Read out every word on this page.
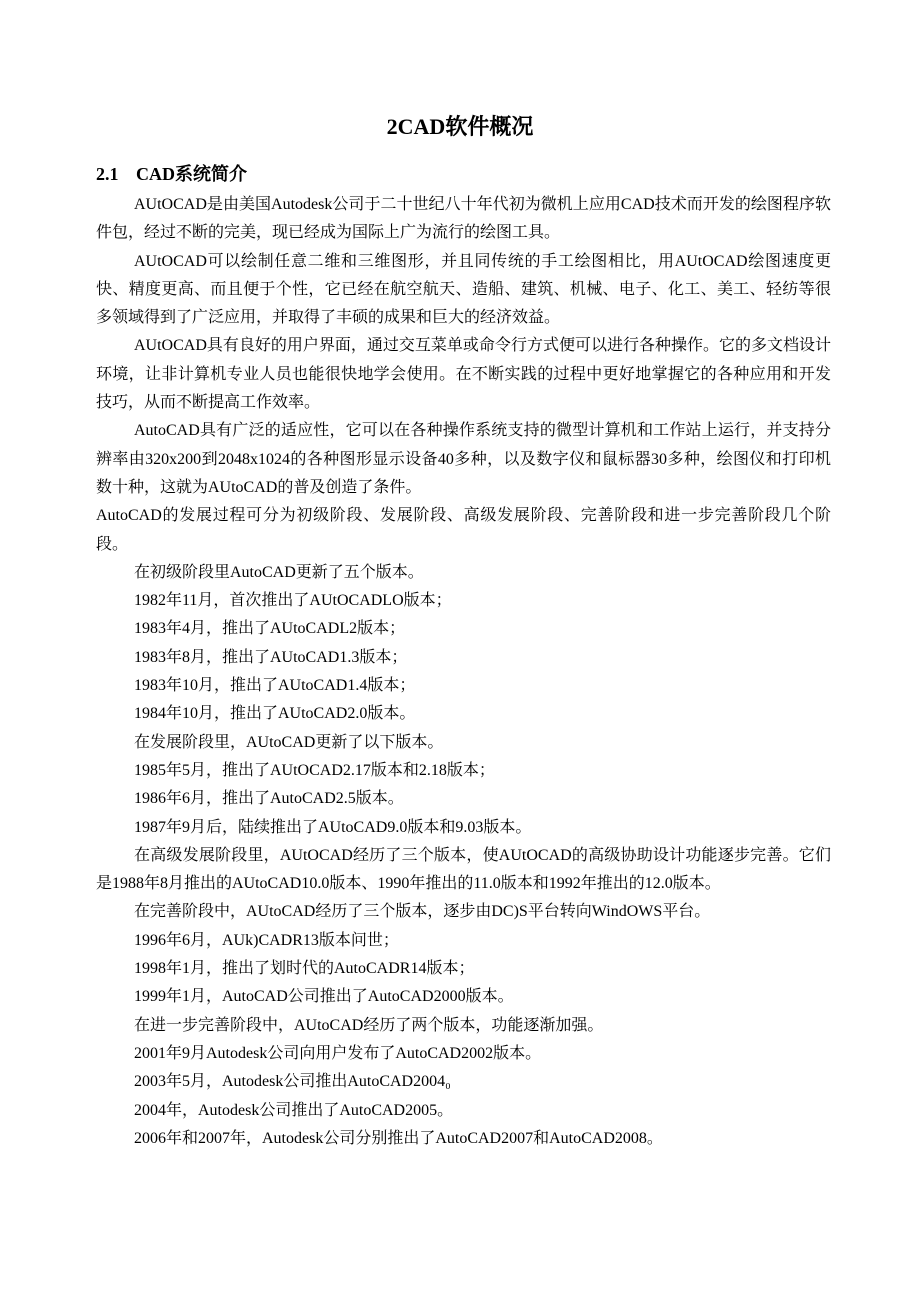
2CAD软件概况
2.1 CAD系统简介

AUtOCAD是由美国Autodesk公司于二十世纪八十年代初为微机上应用CAD技术而开发的绘图程序软件包，经过不断的完美，现已经成为国际上广为流行的绘图工具。

AUtOCAD可以绘制任意二维和三维图形，并且同传统的手工绘图相比，用AUtOCAD绘图速度更快、精度更高、而且便于个性，它已经在航空航天、造船、建筑、机械、电子、化工、美工、轻纺等很多领域得到了广泛应用，并取得了丰硕的成果和巨大的经济效益。

AUtOCAD具有良好的用户界面，通过交互菜单或命令行方式便可以进行各种操作。它的多文档设计环境，让非计算机专业人员也能很快地学会使用。在不断实践的过程中更好地掌握它的各种应用和开发技巧，从而不断提高工作效率。

AutoCAD具有广泛的适应性，它可以在各种操作系统支持的微型计算机和工作站上运行，并支持分辨率由320x200到2048x1024的各种图形显示设备40多种，以及数字仪和鼠标器30多种，绘图仪和打印机数十种，这就为AUtoCAD的普及创造了条件。

AutoCAD的发展过程可分为初级阶段、发展阶段、高级发展阶段、完善阶段和进一步完善阶段几个阶段。

在初级阶段里AutoCAD更新了五个版本。

1982年11月，首次推出了AUtOCADLO版本；

1983年4月，推出了AUtoCADL2版本；

1983年8月，推出了AUtoCAD1.3版本；

1983年10月，推出了AUtoCAD1.4版本；

1984年10月，推出了AUtoCAD2.0版本。

在发展阶段里，AUtoCAD更新了以下版本。

1985年5月，推出了AUtOCAD2.17版本和2.18版本；

1986年6月，推出了AutoCAD2.5版本。

1987年9月后，陆续推出了AUtoCAD9.0版本和9.03版本。

在高级发展阶段里，AUtOCAD经历了三个版本，使AUtOCAD的高级协助设计功能逐步完善。它们是1988年8月推出的AUtoCAD10.0版本、1990年推出的11.0版本和1992年推出的12.0版本。

在完善阶段中，AUtoCAD经历了三个版本，逐步由DC)S平台转向WindOWS平台。

1996年6月，AUk)CADR13版本问世；

1998年1月，推出了划时代的AutoCADR14版本；

1999年1月，AutoCAD公司推出了AutoCAD2000版本。

在进一步完善阶段中，AUtoCAD经历了两个版本，功能逐渐加强。

2001年9月Autodesk公司向用户发布了AutoCAD2002版本。

2003年5月，Autodesk公司推出AutoCAD2004₀

2004年，Autodesk公司推出了AutoCAD2005。

2006年和2007年，Autodesk公司分别推出了AutoCAD2007和AutoCAD2008。
